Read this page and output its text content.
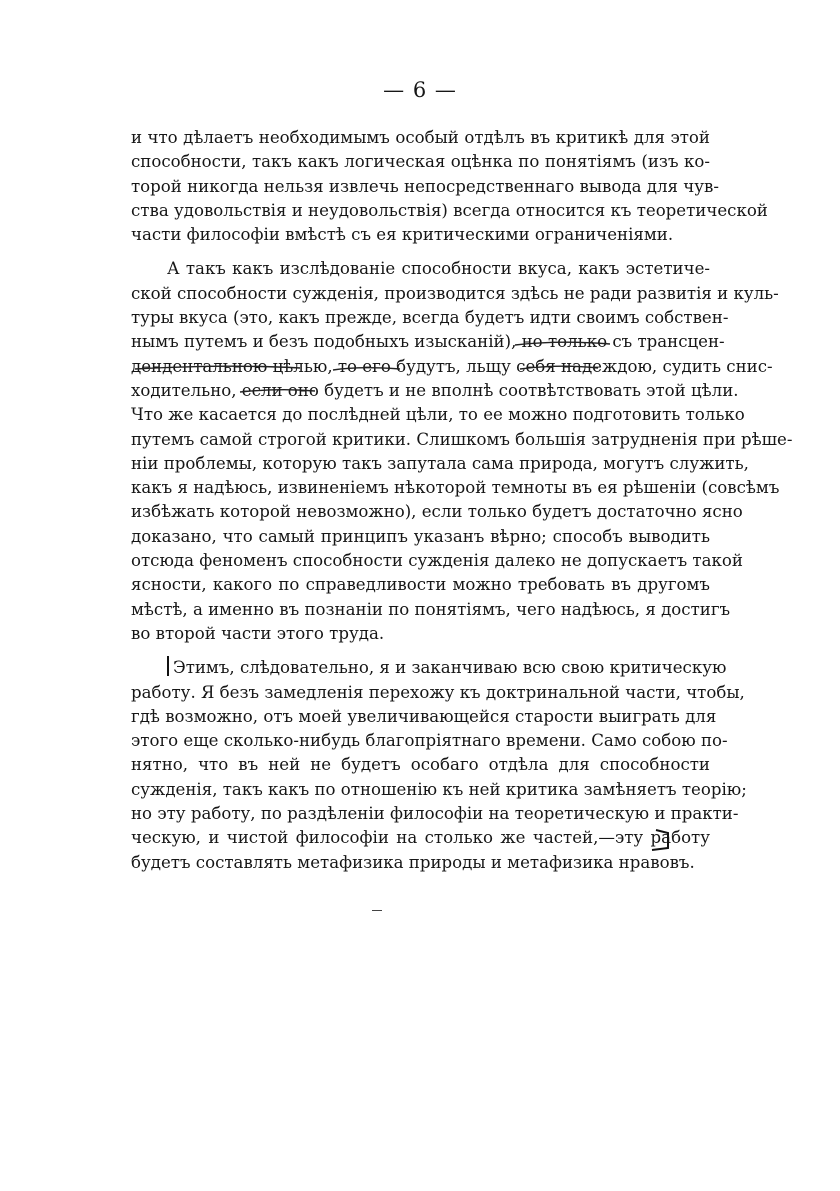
— 6 —

и что дѣлаетъ необходимымъ особый отдѣлъ въ критикѣ для этой
способности, такъ какъ логическая оцѣнка по понятіямъ (изъ ко-
торой никогда нельзя извлечь непосредственнаго вывода для чув-
ства удовольствія и неудовольствія) всегда относится къ теоретической
части философіи вмѣстѣ съ ея критическими ограниченіями.

А такъ какъ изслѣдованіе способности вкуса, какъ эстетиче-
ской способности сужденія, производится здѣсь не ради развитія и куль-
туры вкуса (это, какъ прежде, всегда будетъ идти своимъ собствен-
нымъ путемъ и безъ подобныхъ изысканій), но только съ трансцен-
дендентальною цѣлью, то его будутъ, льщу себя надеждою, судить снис-
ходительно, если оно будетъ и не вполнѣ соотвѣтствовать этой цѣли.
Что же касается до послѣдней цѣли, то ее можно подготовить только
путемъ самой строгой критики. Слишкомъ большія затрудненія при рѣше-
ніи проблемы, которую такъ запутала сама природа, могутъ служить,
какъ я надѣюсь, извиненіемъ нѣкоторой темноты въ ея рѣшеніи (совсѣмъ
избѣжать которой невозможно), если только будетъ достаточно ясно
доказано, что самый принципъ указанъ вѣрно; способъ выводить
отсюда феноменъ способности сужденія далеко не допускаетъ такой
ясности, какого по справедливости можно требовать въ другомъ
мѣстѣ, а именно въ познаніи по понятіямъ, чего надѣюсь, я достигъ
во второй части этого труда.

Этимъ, слѣдовательно, я и заканчиваю всю свою критическую
работу. Я безъ замедленія перехожу къ доктринальной части, чтобы,
гдѣ возможно, отъ моей увеличивающейся старости выиграть для
этого еще сколько-нибудь благопріятнаго времени. Само собою по-
нятно, что въ ней не будетъ особаго отдѣла для способности
сужденія, такъ какъ по отношенію къ ней критика замѣняетъ теорію;
но эту работу, по раздѣленіи философіи на теоретическую и практи-
ческую, и чистой философіи на столько же частей,—эту работу
будетъ составлять метафизика природы и метафизика нравовъ.
